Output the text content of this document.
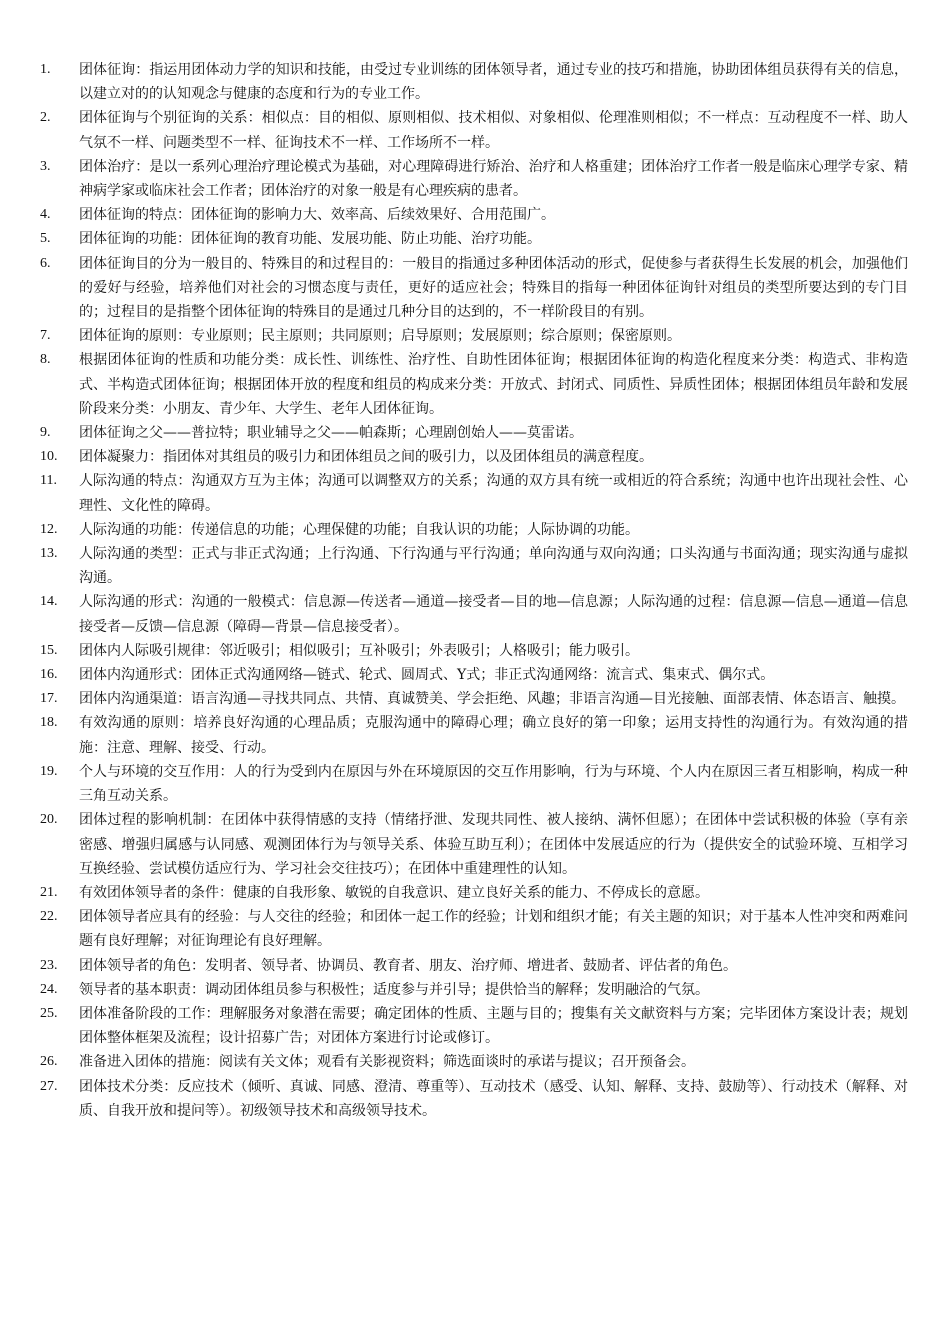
1.	团体征询：指运用团体动力学的知识和技能，由受过专业训练的团体领导者，通过专业的技巧和措施，协助团体组员获得有关的信息，以建立对的的认知观念与健康的态度和行为的专业工作。
2.	团体征询与个别征询的关系：相似点：目的相似、原则相似、技术相似、对象相似、伦理准则相似；不一样点：互动程度不一样、助人气氛不一样、问题类型不一样、征询技术不一样、工作场所不一样。
3.	团体治疗：是以一系列心理治疗理论模式为基础，对心理障碍进行矫治、治疗和人格重建；团体治疗工作者一般是临床心理学专家、精神病学家或临床社会工作者；团体治疗的对象一般是有心理疾病的患者。
4.	团体征询的特点：团体征询的影响力大、效率高、后续效果好、合用范围广。
5.	团体征询的功能：团体征询的教育功能、发展功能、防止功能、治疗功能。
6.	团体征询目的分为一般目的、特殊目的和过程目的：一般目的指通过多种团体活动的形式，促使参与者获得生长发展的机会，加强他们的爱好与经验，培养他们对社会的习惯态度与责任，更好的适应社会；特殊目的指每一种团体征询针对组员的类型所要达到的专门目的；过程目的是指整个团体征询的特殊目的是通过几种分目的达到的，不一样阶段目的有别。
7.	团体征询的原则：专业原则；民主原则；共同原则；启导原则；发展原则；综合原则；保密原则。
8.	根据团体征询的性质和功能分类：成长性、训练性、治疗性、自助性团体征询；根据团体征询的构造化程度来分类：构造式、非构造式、半构造式团体征询；根据团体开放的程度和组员的构成来分类：开放式、封闭式、同质性、异质性团体；根据团体组员年龄和发展阶段来分类：小朋友、青少年、大学生、老年人团体征询。
9.	团体征询之父——普拉特；职业辅导之父——帕森斯；心理剧创始人——莫雷诺。
10.	团体凝聚力：指团体对其组员的吸引力和团体组员之间的吸引力，以及团体组员的满意程度。
11.	人际沟通的特点：沟通双方互为主体；沟通可以调整双方的关系；沟通的双方具有统一或相近的符合系统；沟通中也许出现社会性、心理性、文化性的障碍。
12.	人际沟通的功能：传递信息的功能；心理保健的功能；自我认识的功能；人际协调的功能。
13.	人际沟通的类型：正式与非正式沟通；上行沟通、下行沟通与平行沟通；单向沟通与双向沟通；口头沟通与书面沟通；现实沟通与虚拟沟通。
14.	人际沟通的形式：沟通的一般模式：信息源—传送者—通道—接受者—目的地—信息源；人际沟通的过程：信息源—信息—通道—信息接受者—反馈—信息源（障碍—背景—信息接受者）。
15.	团体内人际吸引规律：邻近吸引；相似吸引；互补吸引；外表吸引；人格吸引；能力吸引。
16.	团体内沟通形式：团体正式沟通网络—链式、轮式、圆周式、Y式；非正式沟通网络：流言式、集束式、偶尔式。
17.	团体内沟通渠道：语言沟通—寻找共同点、共情、真诚赞美、学会拒绝、风趣；非语言沟通—目光接触、面部表情、体态语言、触摸。
18.	有效沟通的原则：培养良好沟通的心理品质；克服沟通中的障碍心理；确立良好的第一印象；运用支持性的沟通行为。有效沟通的措施：注意、理解、接受、行动。
19.	个人与环境的交互作用：人的行为受到内在原因与外在环境原因的交互作用影响，行为与环境、个人内在原因三者互相影响，构成一种三角互动关系。
20.	团体过程的影响机制：在团体中获得情感的支持（情绪抒泄、发现共同性、被人接纳、满怀但愿）；在团体中尝试积极的体验（享有亲密感、增强归属感与认同感、观测团体行为与领导关系、体验互助互利）；在团体中发展适应的行为（提供安全的试验环境、互相学习互换经验、尝试模仿适应行为、学习社会交往技巧）；在团体中重建理性的认知。
21.	有效团体领导者的条件：健康的自我形象、敏锐的自我意识、建立良好关系的能力、不停成长的意愿。
22.	团体领导者应具有的经验：与人交往的经验；和团体一起工作的经验；计划和组织才能；有关主题的知识；对于基本人性冲突和两难问题有良好理解；对征询理论有良好理解。
23.	团体领导者的角色：发明者、领导者、协调员、教育者、朋友、治疗师、增进者、鼓励者、评估者的角色。
24.	领导者的基本职责：调动团体组员参与积极性；适度参与并引导；提供恰当的解释；发明融洽的气氛。
25.	团体准备阶段的工作：理解服务对象潜在需要；确定团体的性质、主题与目的；搜集有关文献资料与方案；完毕团体方案设计表；规划团体整体框架及流程；设计招募广告；对团体方案进行讨论或修订。
26.	准备进入团体的措施：阅读有关文体；观看有关影视资料；筛选面谈时的承诺与提议；召开预备会。
27.	团体技术分类：反应技术（倾听、真诚、同感、澄清、尊重等）、互动技术（感受、认知、解释、支持、鼓励等）、行动技术（解释、对质、自我开放和提问等）。初级领导技术和高级领导技术。
